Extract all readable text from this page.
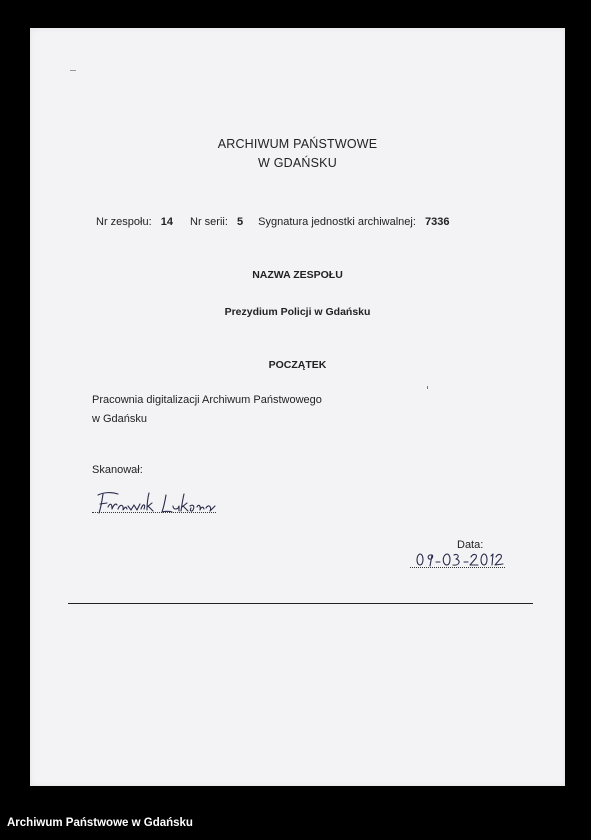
ARCHIWUM PAŃSTWOWE
W GDAŃSKU
Nr zespołu: 14 Nr serii: 5 Sygnatura jednostki archiwalnej: 7336
NAZWA ZESPOŁU
Prezydium Policji w Gdańsku
POCZĄTEK
Pracownia digitalizacji Archiwum Państwowego
w Gdańsku
Skanował:
Data:
Archiwum Państwowe w Gdańsku
